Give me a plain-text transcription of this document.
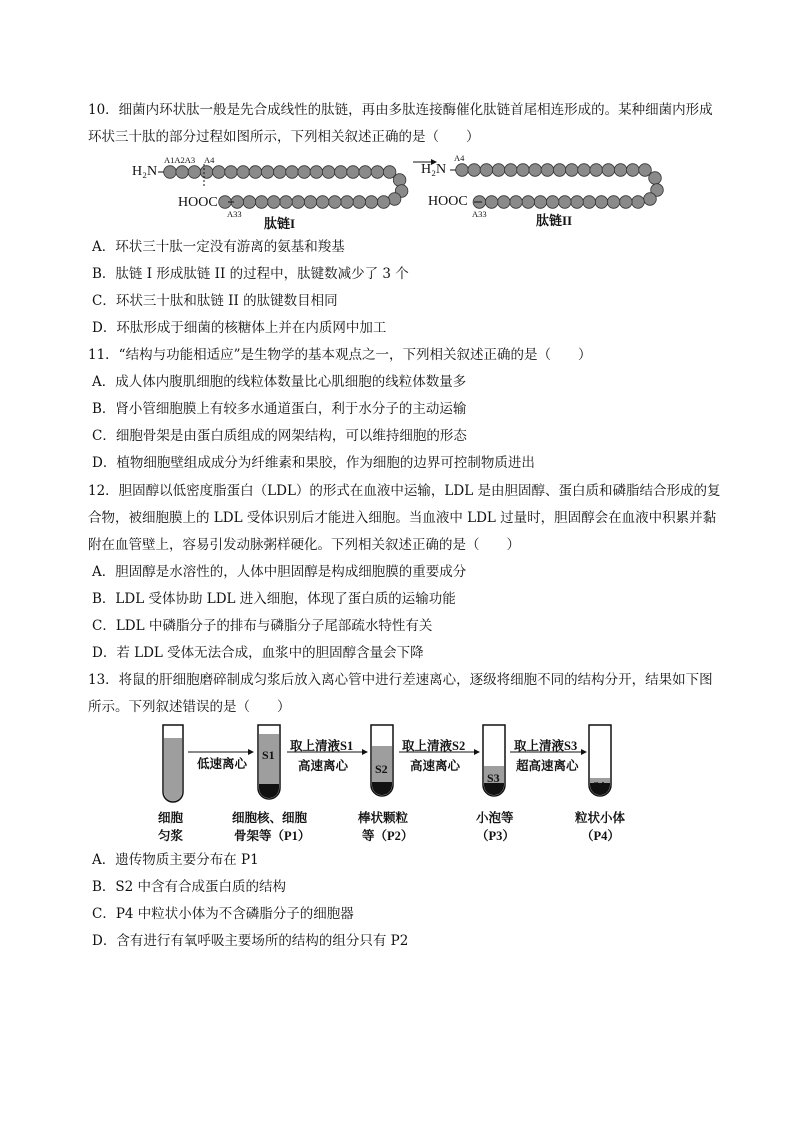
10．细菌内环状肽一般是先合成线性的肽链，再由多肽连接酶催化肽链首尾相连形成的。某种细菌内形成
环状三十肽的部分过程如图所示，下列相关叙述正确的是（　　）
H₂N
A1A2A3 A4
HOOC
A33
肽链I
H₂N
A4
HOOC
A33	肽链II
A．环状三十肽一定没有游离的氨基和羧基
B．肽链 I 形成肽链 II 的过程中，肽键数减少了 3 个
C．环状三十肽和肽链 II 的肽键数目相同
D．环肽形成于细菌的核糖体上并在内质网中加工
11．“结构与功能相适应”是生物学的基本观点之一，下列相关叙述正确的是（　　）
A．成人体内腹肌细胞的线粒体数量比心肌细胞的线粒体数量多
B．肾小管细胞膜上有较多水通道蛋白，利于水分子的主动运输
C．细胞骨架是由蛋白质组成的网架结构，可以维持细胞的形态
D．植物细胞壁组成成分为纤维素和果胶，作为细胞的边界可控制物质进出
12．胆固醇以低密度脂蛋白（LDL）的形式在血液中运输，LDL 是由胆固醇、蛋白质和磷脂结合形成的复
合物，被细胞膜上的 LDL 受体识别后才能进入细胞。当血液中 LDL 过量时，胆固醇会在血液中积累并黏
附在血管壁上，容易引发动脉粥样硬化。下列相关叙述正确的是（　　）
A．胆固醇是水溶性的，人体中胆固醇是构成细胞膜的重要成分
B．LDL 受体协助 LDL 进入细胞，体现了蛋白质的运输功能
C．LDL 中磷脂分子的排布与磷脂分子尾部疏水特性有关
D．若 LDL 受体无法合成，血浆中的胆固醇含量会下降
13．将鼠的肝细胞磨碎制成匀浆后放入离心管中进行差速离心，逐级将细胞不同的结构分开，结果如下图
所示。下列叙述错误的是（　　）
低速离心
取上清液S1
高速离心
取上清液S2
高速离心
取上清液S3
超高速离心
S1
S2
S3
S4
细胞
匀浆
细胞核、细胞
骨架等（P1）
棒状颗粒
等（P2）
小泡等
（P3）
粒状小体
（P4）
A．遗传物质主要分布在 P1
B．S2 中含有合成蛋白质的结构
C．P4 中粒状小体为不含磷脂分子的细胞器
D．含有进行有氧呼吸主要场所的结构的组分只有 P2
